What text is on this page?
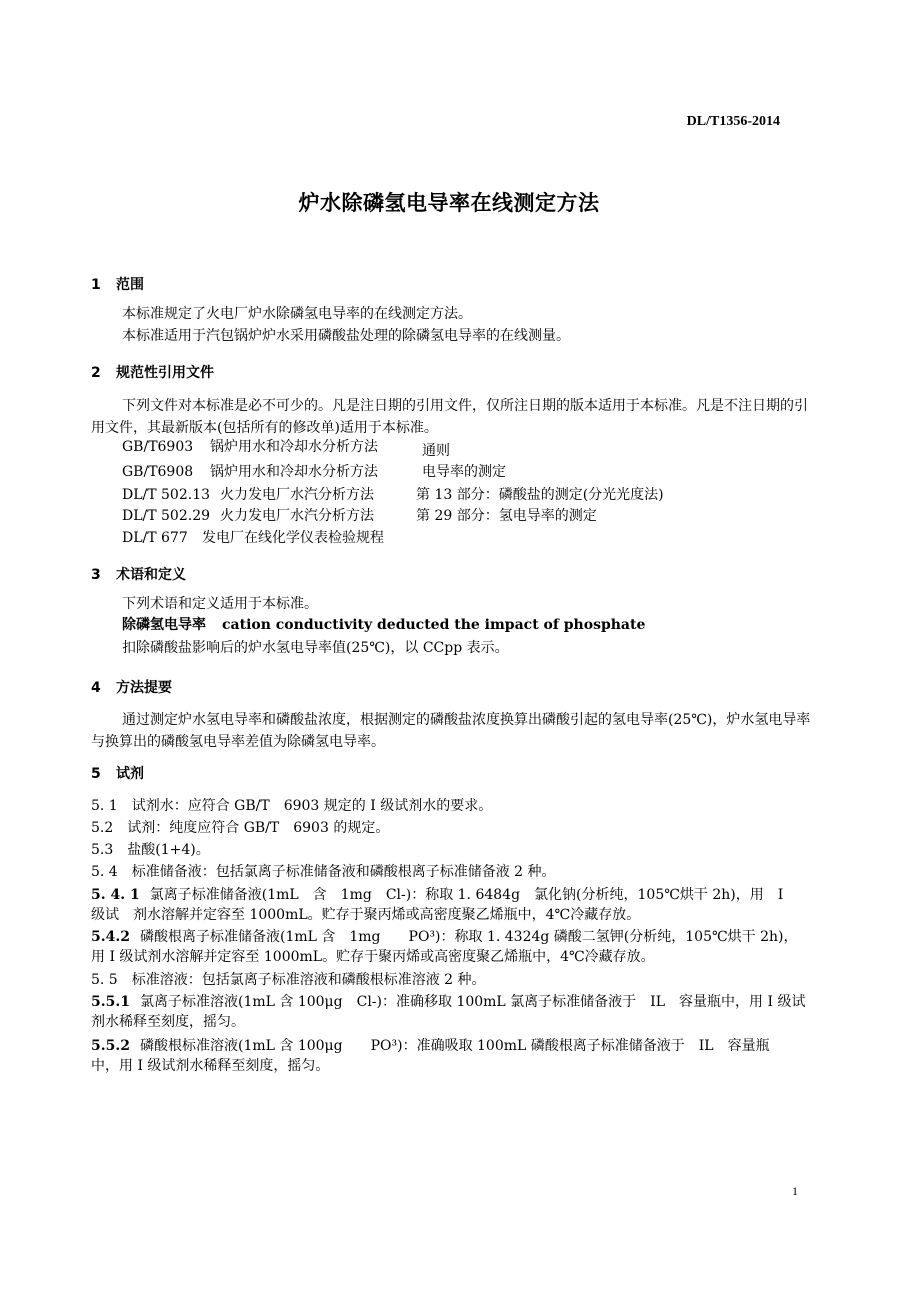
DL/T1356-2014
炉水除磷氢电导率在线测定方法
1 范围
本标准规定了火电厂炉水除磷氢电导率的在线测定方法。
本标准适用于汽包锅炉炉水采用磷酸盐处理的除磷氢电导率的在线测量。
2 规范性引用文件
下列文件对本标准是必不可少的。凡是注日期的引用文件，仅所注日期的版本适用于本标准。凡是不注日期的引用文件，其最新版本(包括所有的修改单)适用于本标准。
GB/T6903 锅炉用水和冷却水分析方法	通则
GB/T6908 锅炉用水和冷却水分析方法	电导率的测定
DL/T 502.13 火力发电厂水汽分析方法	第 13 部分：磷酸盐的测定(分光光度法)
DL/T 502.29 火力发电厂水汽分析方法	第 29 部分：氢电导率的测定
DL/T 677 发电厂在线化学仪表检验规程
3 术语和定义
下列术语和定义适用于本标准。
除磷氢电导率 cation conductivity deducted the impact of phosphate
扣除磷酸盐影响后的炉水氢电导率值(25℃)，以 CCpp 表示。
4 方法提要
通过测定炉水氢电导率和磷酸盐浓度，根据测定的磷酸盐浓度换算出磷酸引起的氢电导率(25℃)，炉水氢电导率与换算出的磷酸氢电导率差值为除磷氢电导率。
5 试剂
5. 1 试剂水：应符合 GB/T　6903 规定的 I 级试剂水的要求。
5.2 试剂：纯度应符合 GB/T　6903 的规定。
5.3 盐酸(1+4)。
5. 4 标准储备液：包括氯离子标准储备液和磷酸根离子标准储备液 2 种。
5. 4. 1 氯离子标准储备液(1mL　含　1mg　Cl-)：称取 1. 6484g　氯化钠(分析纯，105℃烘干 2h)，用　I　级试　剂水溶解并定容至 1000mL。贮存于聚丙烯或高密度聚乙烯瓶中，4℃冷藏存放。
5.4.2 磷酸根离子标准储备液(1mL 含　1mg　　PO³)：称取 1. 4324g 磷酸二氢钾(分析纯，105℃烘干 2h)，用 I 级试剂水溶解并定容至 1000mL。贮存于聚丙烯或高密度聚乙烯瓶中，4℃冷藏存放。
5. 5 标准溶液：包括氯离子标准溶液和磷酸根标准溶液 2 种。
5.5.1 氯离子标准溶液(1mL 含 100μg　Cl-)：准确移取 100mL 氯离子标准储备液于　IL　容量瓶中，用 I 级试剂水稀释至刻度，摇匀。
5.5.2 磷酸根标准溶液(1mL 含 100μg　　PO³)：准确吸取 100mL 磷酸根离子标准储备液于　IL　容量瓶　中，用 I 级试剂水稀释至刻度，摇匀。
1
